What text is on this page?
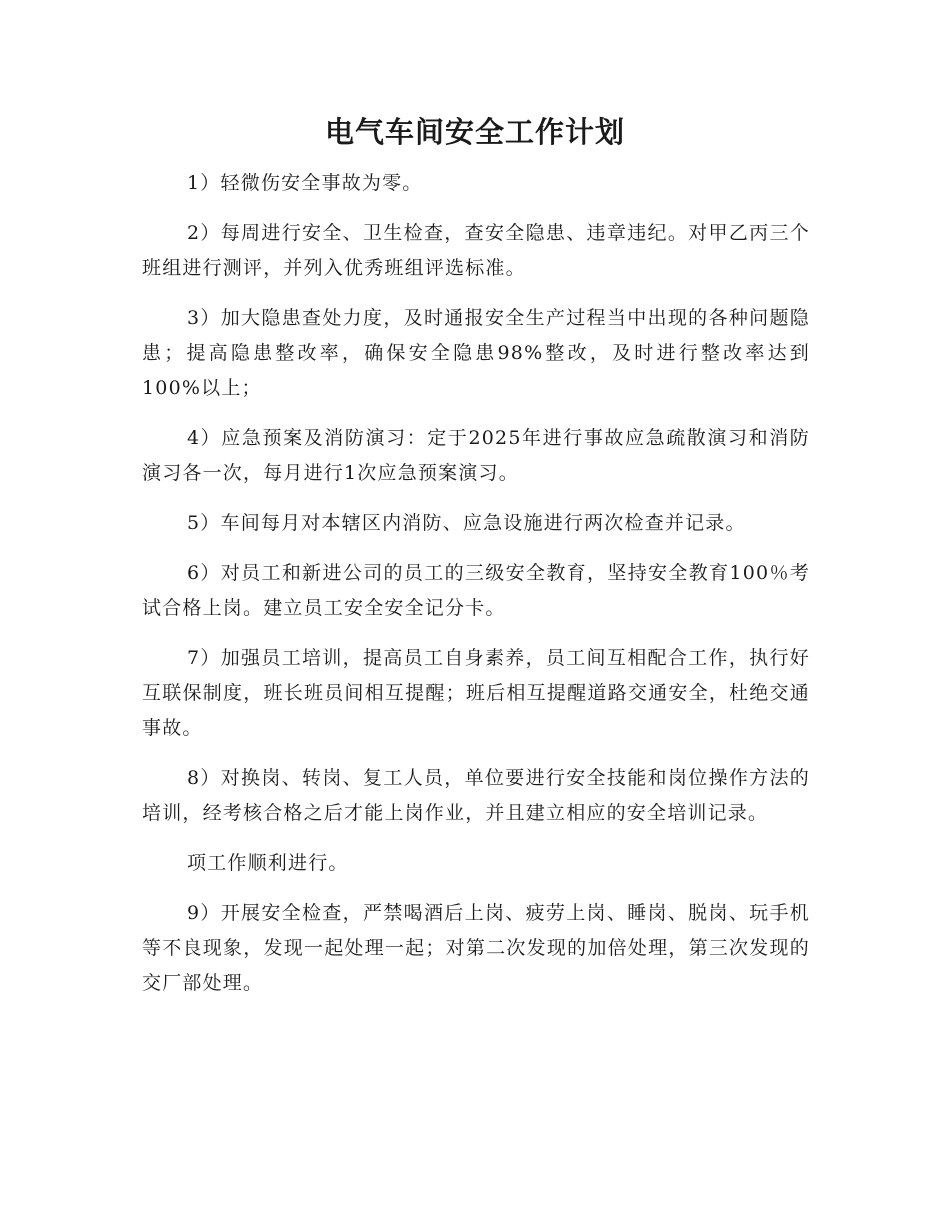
电气车间安全工作计划

1）轻微伤安全事故为零。

2）每周进行安全、卫生检查，查安全隐患、违章违纪。对甲乙丙三个班组进行测评，并列入优秀班组评选标准。

3）加大隐患查处力度，及时通报安全生产过程当中出现的各种问题隐患；提高隐患整改率，确保安全隐患98%整改，及时进行整改率达到100%以上；

4）应急预案及消防演习：定于2025年进行事故应急疏散演习和消防演习各一次，每月进行1次应急预案演习。

5）车间每月对本辖区内消防、应急设施进行两次检查并记录。

6）对员工和新进公司的员工的三级安全教育，坚持安全教育100％考试合格上岗。建立员工安全安全记分卡。

7）加强员工培训，提高员工自身素养，员工间互相配合工作，执行好互联保制度，班长班员间相互提醒；班后相互提醒道路交通安全，杜绝交通事故。

8）对换岗、转岗、复工人员，单位要进行安全技能和岗位操作方法的培训，经考核合格之后才能上岗作业，并且建立相应的安全培训记录。

项工作顺利进行。

9）开展安全检查，严禁喝酒后上岗、疲劳上岗、睡岗、脱岗、玩手机等不良现象，发现一起处理一起；对第二次发现的加倍处理，第三次发现的交厂部处理。
